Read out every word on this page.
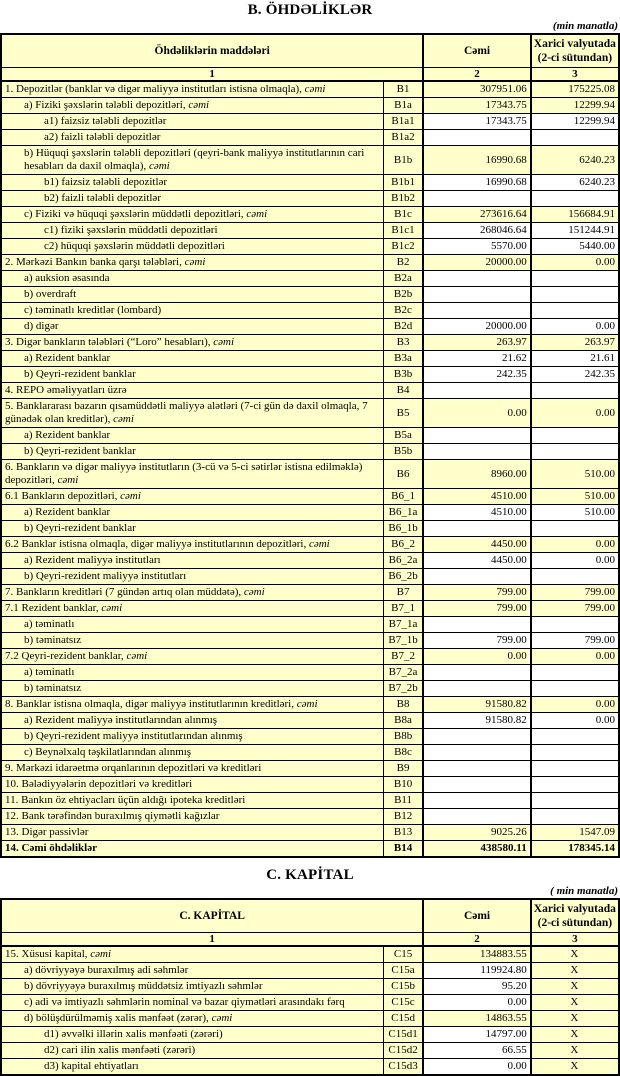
B. ÖHDƏLİKLƏR
(min manatla)
Öhdəliklərin maddələri		Cəmi	Xarici valyutada (2-ci sütundan)
1		2	3
1. Depozitlər (banklar və digər maliyyə institutları istisna olmaqla), cəmi	B1	307951.06	175225.08
a) Fiziki şəxslərin tələbli depozitləri, cəmi	B1a	17343.75	12299.94
a1) faizsiz tələbli depozitlər	B1a1	17343.75	12299.94
a2) faizli tələbli depozitlər	B1a2		
b) Hüquqi şəxslərin tələbli depozitləri (qeyri-bank maliyyə institutlarının cari hesabları da daxil olmaqla), cəmi	B1b	16990.68	6240.23
b1) faizsiz tələbli depozitlər	B1b1	16990.68	6240.23
b2) faizli tələbli depozitlər	B1b2		
c) Fiziki və hüquqi şəxslərin müddətli depozitləri, cəmi	B1c	273616.64	156684.91
c1) fiziki şəxslərin müddətli depozitləri	B1c1	268046.64	151244.91
c2) hüquqi şəxslərin müddətli depozitləri	B1c2	5570.00	5440.00
2. Mərkəzi Bankın banka qarşı tələbləri, cəmi	B2	20000.00	0.00
a) auksion əsasında	B2a		
b) overdraft	B2b		
c) təminatlı kreditlər (lombard)	B2c		
d) digər	B2d	20000.00	0.00
3. Digər bankların tələbləri (“Loro” hesabları), cəmi	B3	263.97	263.97
a) Rezident banklar	B3a	21.62	21.61
b) Qeyri-rezident banklar	B3b	242.35	242.35
4. REPO əməliyyatları üzrə	B4		
5. Banklararası bazarın qısamüddətli maliyyə alətləri (7-ci gün də daxil olmaqla, 7 günədək olan kreditlər), cəmi	B5	0.00	0.00
a) Rezident banklar	B5a		
b) Qeyri-rezident banklar	B5b		
6. Bankların və digər maliyyə institutların (3-cü və 5-ci sətirlər istisna edilməklə) depozitləri, cəmi	B6	8960.00	510.00
6.1 Bankların depozitləri, cəmi	B6_1	4510.00	510.00
a) Rezident banklar	B6_1a	4510.00	510.00
b) Qeyri-rezident banklar	B6_1b		
6.2 Banklar istisna olmaqla, digər maliyyə institutlarının depozitləri, cəmi	B6_2	4450.00	0.00
a) Rezident maliyyə institutları	B6_2a	4450.00	0.00
b) Qeyri-rezident maliyyə institutları	B6_2b		
7. Bankların kreditləri (7 gündən artıq olan müddətə), cəmi	B7	799.00	799.00
7.1 Rezident banklar, cəmi	B7_1	799.00	799.00
a) təminatlı	B7_1a		
b) təminatsız	B7_1b	799.00	799.00
7.2 Qeyri-rezident banklar, cəmi	B7_2	0.00	0.00
a) təminatlı	B7_2a		
b) təminatsız	B7_2b		
8. Banklar istisna olmaqla, digər maliyyə institutlarının kreditləri, cəmi	B8	91580.82	0.00
a) Rezident maliyyə institutlarından alınmış	B8a	91580.82	0.00
b) Qeyri-rezident maliyyə institutlarından alınmış	B8b		
c) Beynəlxalq təşkilatlarından alınmış	B8c		
9. Mərkəzi idarəetmə orqanlarının depozitləri və kreditləri	B9		
10. Bələdiyyələrin depozitləri və kreditləri	B10		
11. Bankın öz ehtiyacları üçün aldığı ipoteka kreditləri	B11		
12. Bank tərəfindən buraxılmış qiymətli kağızlar	B12		
13. Digər passivlər	B13	9025.26	1547.09
14. Cəmi öhdəliklər	B14	438580.11	178345.14
C. KAPİTAL
( min manatla)
C. KAPİTAL		Cəmi	Xarici valyutada (2-ci sütundan)
1		2	3
15. Xüsusi kapital, cəmi	C15	134883.55	X
a) dövriyyəyə buraxılmış adi səhmlər	C15a	119924.80	X
b) dövriyyəyə buraxılmış müddətsiz imtiyazlı səhmlər	C15b	95.20	X
c) adi və imtiyazlı səhmlərin nominal və bazar qiymətləri arasındakı fərq	C15c	0.00	X
d) bölüşdürülməmiş xalis mənfəət (zərər), cəmi	C15d	14863.55	X
d1) əvvəlki illərin xalis mənfəəti (zərəri)	C15d1	14797.00	X
d2) cari ilin xalis mənfəəti (zərəri)	C15d2	66.55	X
d3) kapital ehtiyatları	C15d3	0.00	X
